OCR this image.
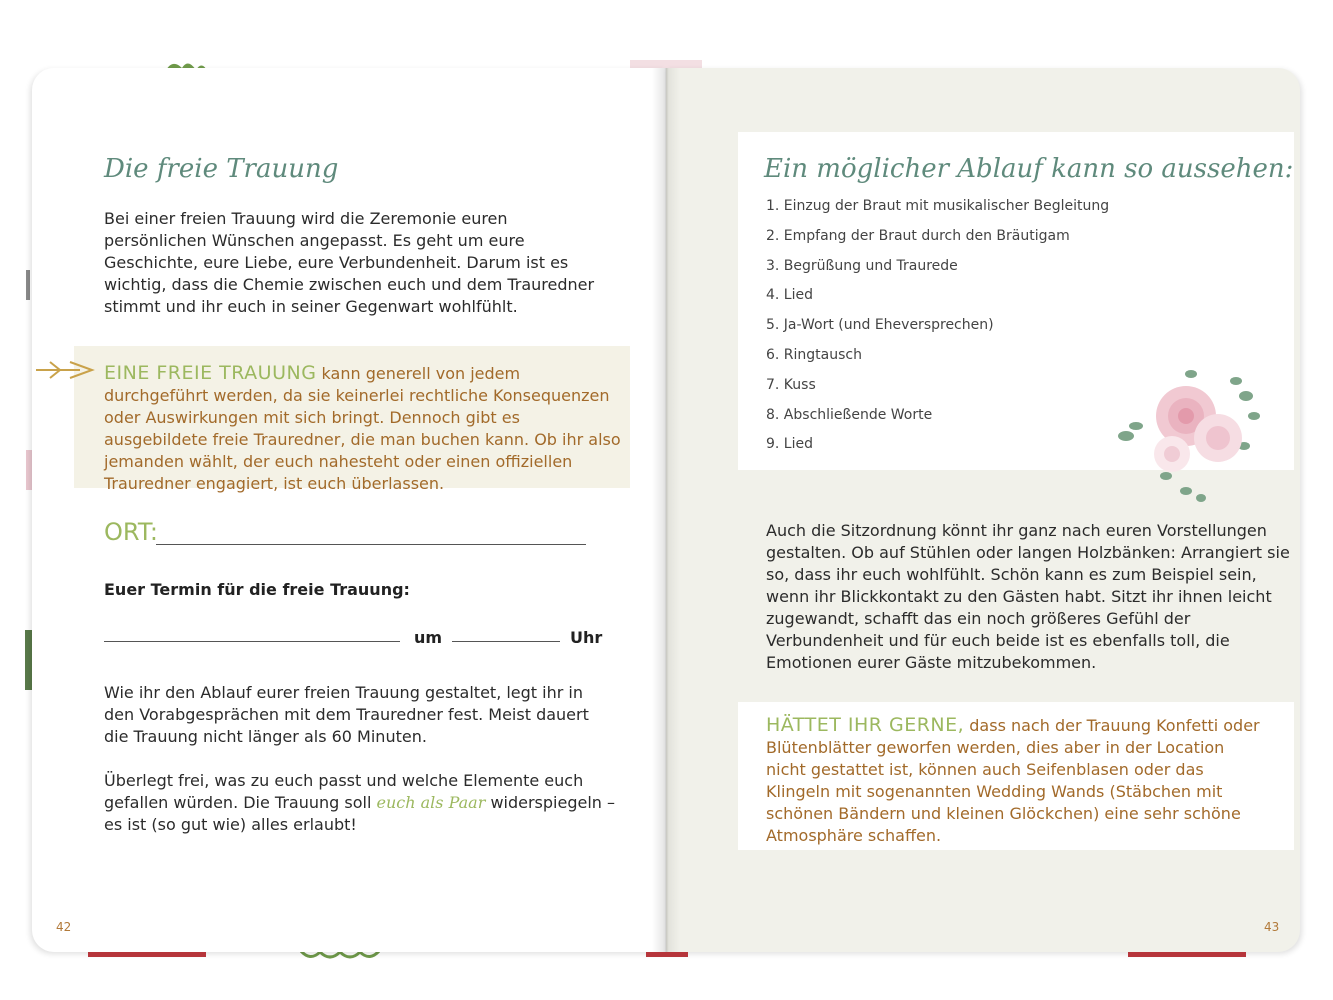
Die freie Trauung
Bei einer freien Trauung wird die Zeremonie euren persönlichen Wünschen angepasst. Es geht um eure Geschichte, eure Liebe, eure Verbundenheit. Darum ist es wichtig, dass die Chemie zwischen euch und dem Trauredner stimmt und ihr euch in seiner Gegenwart wohlfühlt.
EINE FREIE TRAUUNG kann generell von jedem durchgeführt werden, da sie keinerlei rechtliche Konsequenzen oder Auswirkungen mit sich bringt. Dennoch gibt es ausgebildete freie Trauredner, die man buchen kann. Ob ihr also jemanden wählt, der euch nahesteht oder einen offiziellen Trauredner engagiert, ist euch überlassen.
ORT:
Euer Termin für die freie Trauung:
um	Uhr
Wie ihr den Ablauf eurer freien Trauung gestaltet, legt ihr in den Vorabgesprächen mit dem Trauredner fest. Meist dauert die Trauung nicht länger als 60 Minuten.
Überlegt frei, was zu euch passt und welche Elemente euch gefallen würden. Die Trauung soll euch als Paar widerspiegeln – es ist (so gut wie) alles erlaubt!
42
Ein möglicher Ablauf kann so aussehen:
1. Einzug der Braut mit musikalischer Begleitung
2. Empfang der Braut durch den Bräutigam
3. Begrüßung und Traurede
4. Lied
5. Ja-Wort (und Eheversprechen)
6. Ringtausch
7. Kuss
8. Abschließende Worte
9. Lied
Auch die Sitzordnung könnt ihr ganz nach euren Vorstellungen gestalten. Ob auf Stühlen oder langen Holzbänken: Arrangiert sie so, dass ihr euch wohlfühlt. Schön kann es zum Beispiel sein, wenn ihr Blickkontakt zu den Gästen habt. Sitzt ihr ihnen leicht zugewandt, schafft das ein noch größeres Gefühl der Verbundenheit und für euch beide ist es ebenfalls toll, die Emotionen eurer Gäste mitzubekommen.
HÄTTET IHR GERNE, dass nach der Trauung Konfetti oder Blütenblätter geworfen werden, dies aber in der Location nicht gestattet ist, können auch Seifenblasen oder das Klingeln mit sogenannten Wedding Wands (Stäbchen mit schönen Bändern und kleinen Glöckchen) eine sehr schöne Atmosphäre schaffen.
43
